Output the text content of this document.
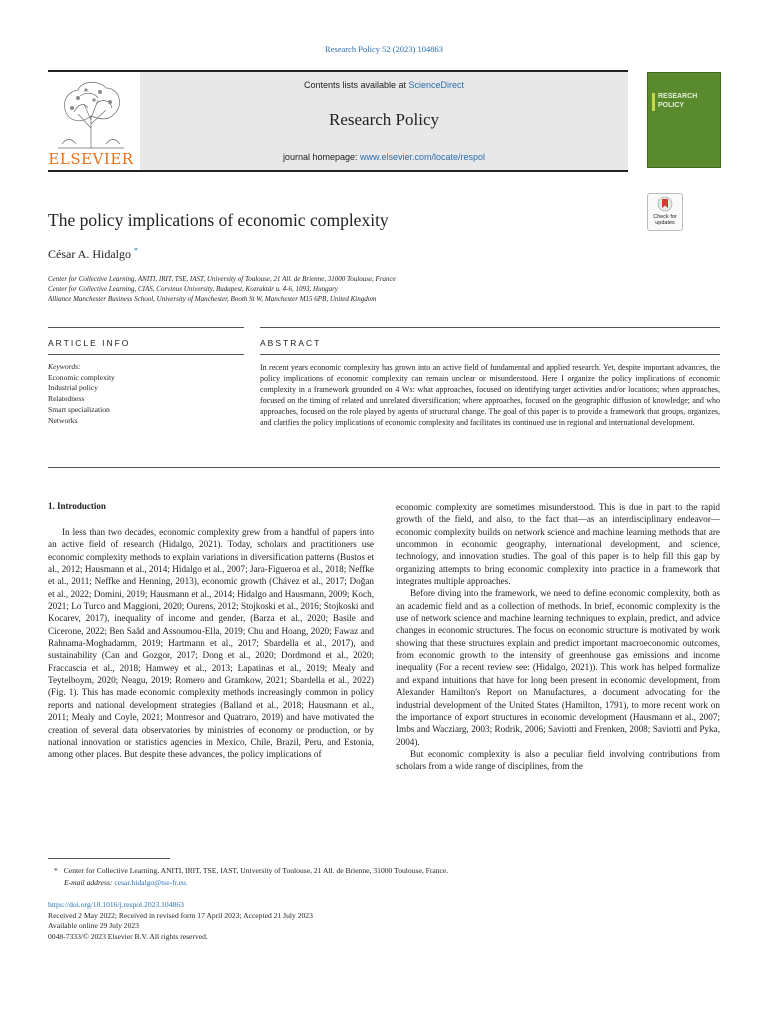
Research Policy 52 (2023) 104863
ELSEVIER
Contents lists available at ScienceDirect
Research Policy
journal homepage: www.elsevier.com/locate/respol
RESEARCH
POLICY
Check for updates
The policy implications of economic complexity
César A. Hidalgo *
Center for Collective Learning, ANITI, IRIT, TSE, IAST, University of Toulouse, 21 All. de Brienne, 31000 Toulouse, France
Center for Collective Learning, CIAS, Corvinus University, Budapest, Kozraktár u. 4-6, 1093, Hungary
Alliance Manchester Business School, University of Manchester, Booth St W, Manchester M15 6PB, United Kingdom
ARTICLE INFO	ABSTRACT
Keywords:
Economic complexity
Industrial policy
Relatedness
Smart specialization
Networks
In recent years economic complexity has grown into an active field of fundamental and applied research. Yet, despite important advances, the policy implications of economic complexity can remain unclear or misunderstood. Here I organize the policy implications of economic complexity in a framework grounded on 4 Ws: what approaches, focused on identifying target activities and/or locations; when approaches, focused on the timing of related and unrelated diversification; where approaches, focused on the geographic diffusion of knowledge; and who approaches, focused on the role played by agents of structural change. The goal of this paper is to provide a framework that groups, organizes, and clarifies the policy implications of economic complexity and facilitates its continued use in regional and international development.
1. Introduction
In less than two decades, economic complexity grew from a handful of papers into an active field of research (Hidalgo, 2021). Today, scholars and practitioners use economic complexity methods to explain variations in diversification patterns (Bustos et al., 2012; Hausmann et al., 2014; Hidalgo et al., 2007; Jara-Figueroa et al., 2018; Neffke et al., 2011; Neffke and Henning, 2013), economic growth (Chávez et al., 2017; Doğan et al., 2022; Domini, 2019; Hausmann et al., 2014; Hidalgo and Hausmann, 2009; Koch, 2021; Lo Turco and Maggioni, 2020; Ourens, 2012; Stojkoski et al., 2016; Stojkoski and Kocarev, 2017), inequality of income and gender, (Barza et al., 2020; Basile and Cicerone, 2022; Ben Saâd and Assoumou-Ella, 2019; Chu and Hoang, 2020; Fawaz and Rahnama-Moghadamm, 2019; Hartmann et al., 2017; Sbardella et al., 2017), and sustainability (Can and Gozgor, 2017; Dong et al., 2020; Dordmond et al., 2020; Fraccascia et al., 2018; Hamwey et al., 2013; Lapatinas et al., 2019; Mealy and Teytelboym, 2020; Neagu, 2019; Romero and Gramkow, 2021; Sbardella et al., 2022) (Fig. 1). This has made economic complexity methods increasingly common in policy reports and national development strategies (Balland et al., 2018; Hausmann et al., 2011; Mealy and Coyle, 2021; Montresor and Quatraro, 2019) and have motivated the creation of several data observatories by ministries of economy or production, or by national innovation or statistics agencies in Mexico, Chile, Brazil, Peru, and Estonia, among other places. But despite these advances, the policy implications of

economic complexity are sometimes misunderstood. This is due in part to the rapid growth of the field, and also, to the fact that—as an interdisciplinary endeavor—economic complexity builds on network science and machine learning methods that are uncommon in economic geography, international development, and science, technology, and innovation studies. The goal of this paper is to help fill this gap by organizing attempts to bring economic complexity into practice in a framework that integrates multiple approaches.

Before diving into the framework, we need to define economic complexity, both as an academic field and as a collection of methods. In brief, economic complexity is the use of network science and machine learning techniques to explain, predict, and advice changes in economic structures. The focus on economic structure is motivated by work showing that these structures explain and predict important macroeconomic outcomes, from economic growth to the intensity of greenhouse gas emissions and income inequality (For a recent review see: (Hidalgo, 2021)). This work has helped formalize and expand intuitions that have for long been present in economic development, from Alexander Hamilton's Report on Manufactures, a document advocating for the industrial development of the United States (Hamilton, 1791), to more recent work on the importance of export structures in economic development (Hausmann et al., 2007; Imbs and Wacziarg, 2003; Rodrik, 2006; Saviotti and Frenken, 2008; Saviotti and Pyka, 2004).

But economic complexity is also a peculiar field involving contributions from scholars from a wide range of disciplines, from the

* Center for Collective Learning, ANITI, IRIT, TSE, IAST, University of Toulouse, 21 All. de Brienne, 31000 Toulouse, France.
E-mail address: cesar.hidalgo@tse-fr.eu.
https://doi.org/10.1016/j.respol.2023.104863
Received 2 May 2022; Received in revised form 17 April 2023; Accepted 21 July 2023
Available online 29 July 2023
0048-7333/© 2023 Elsevier B.V. All rights reserved.
